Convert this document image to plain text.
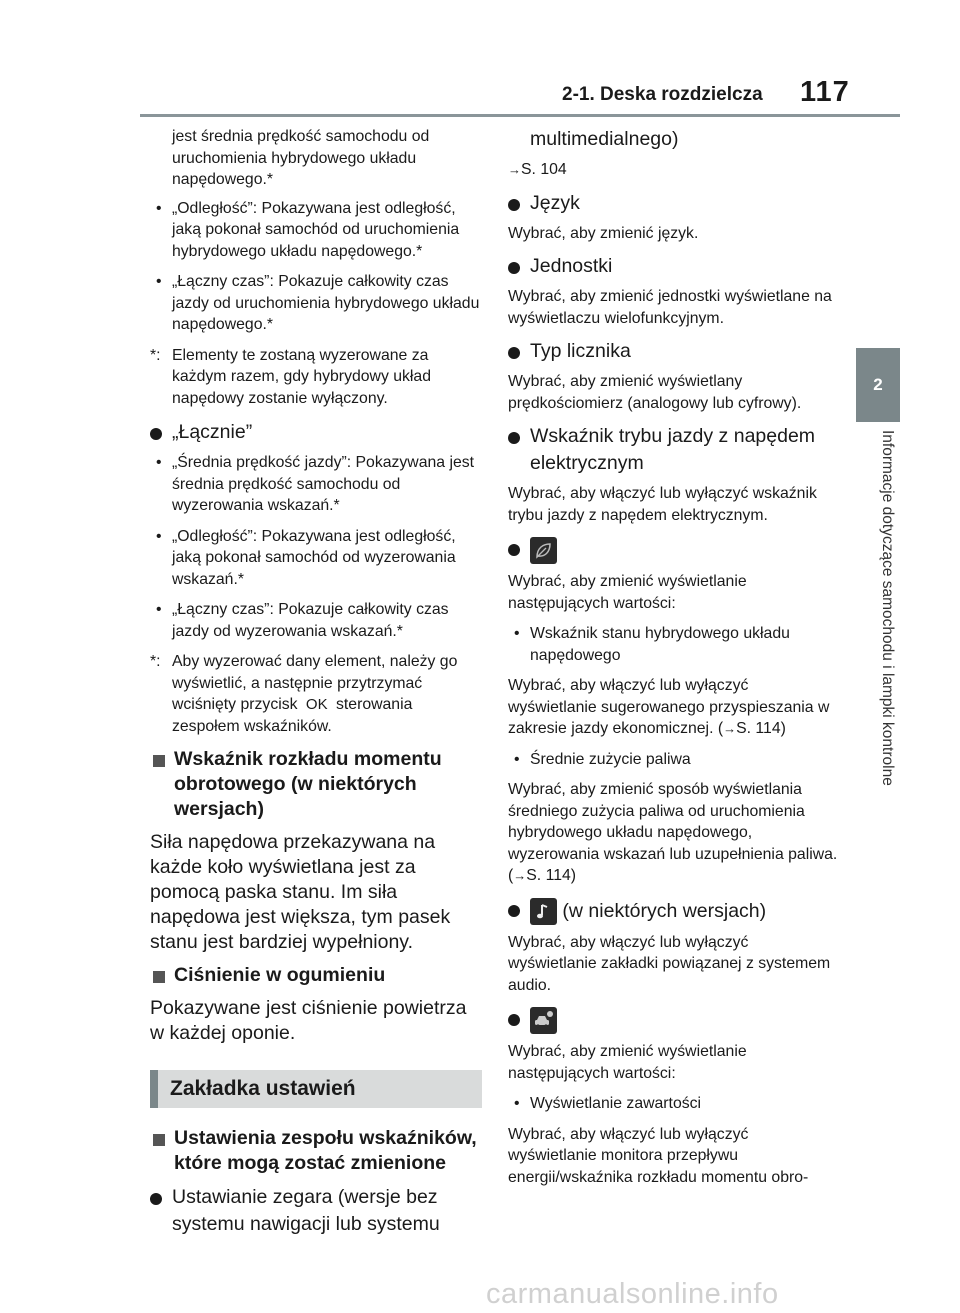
2-1. Deska rozdzielcza 117
2
Informacje dotyczące samochodu i lampki kontrolne

jest średnia prędkość samochodu od uruchomienia hybrydowego układu napędowego.*

• „Odległość”: Pokazywana jest odległość, jaką pokonał samochód od uruchomienia hybrydowego układu napędowego.*
• „Łączny czas”: Pokazuje całkowity czas jazdy od uruchomienia hybrydowego układu napędowego.*
*: Elementy te zostaną wyzerowane za każdym razem, gdy hybrydowy układ napędowy zostanie wyłączony.
„Łącznie”
• „Średnia prędkość jazdy”: Pokazywana jest średnia prędkość samochodu od wyzerowania wskazań.*
• „Odległość”: Pokazywana jest odległość, jaką pokonał samochód od wyzerowania wskazań.*
• „Łączny czas”: Pokazuje całkowity czas jazdy od wyzerowania wskazań.*
*: Aby wyzerować dany element, należy go wyświetlić, a następnie przytrzymać wciśnięty przycisk OK sterowania zespołem wskaźników.
Wskaźnik rozkładu momentu obrotowego (w niektórych wersjach)

Siła napędowa przekazywana na każde koło wyświetlana jest za pomocą paska stanu. Im siła napędowa jest większa, tym pasek stanu jest bardziej wypełniony.

Ciśnienie w ogumieniu

Pokazywane jest ciśnienie powietrza w każdej oponie.

Zakładka ustawień
Ustawienia zespołu wskaźników, które mogą zostać zmienione
Ustawianie zegara (wersje bez systemu nawigacji lub systemu
multimedialnego)

→S. 104

Język

Wybrać, aby zmienić język.

Jednostki

Wybrać, aby zmienić jednostki wyświetlane na wyświetlaczu wielofunkcyjnym.

Typ licznika

Wybrać, aby zmienić wyświetlany prędkościomierz (analogowy lub cyfrowy).

Wskaźnik trybu jazdy z napędem elektrycznym

Wybrać, aby włączyć lub wyłączyć wskaźnik trybu jazdy z napędem elektrycznym.

Wybrać, aby zmienić wyświetlanie następujących wartości:

• Wskaźnik stanu hybrydowego układu napędowego

Wybrać, aby włączyć lub wyłączyć wyświetlanie sugerowanego przyspieszania w zakresie jazdy ekonomicznej. (→S. 114)

• Średnie zużycie paliwa

Wybrać, aby zmienić sposób wyświetlania średniego zużycia paliwa od uruchomienia hybrydowego układu napędowego, wyzerowania wskazań lub uzupełnienia paliwa. (→S. 114)

(w niektórych wersjach)

Wybrać, aby włączyć lub wyłączyć wyświetlanie zakładki powiązanej z systemem audio.

Wybrać, aby zmienić wyświetlanie następujących wartości:

• Wyświetlanie zawartości

Wybrać, aby włączyć lub wyłączyć wyświetlanie monitora przepływu energii/wskaźnika rozkładu momentu obro-

carmanualsonline.info
